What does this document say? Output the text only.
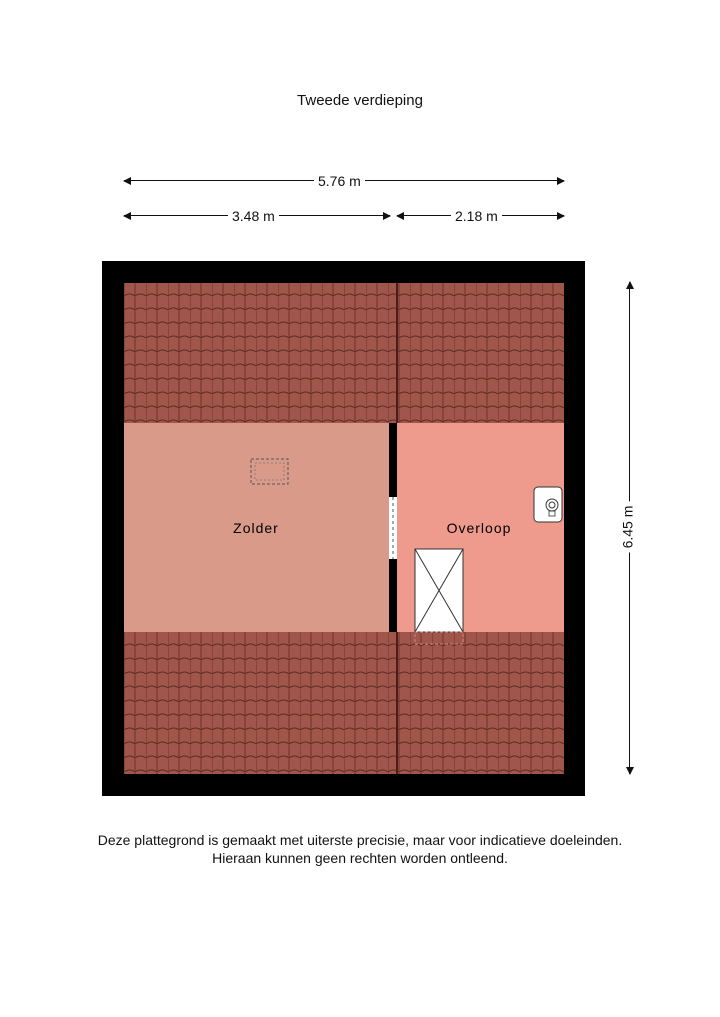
Tweede verdieping
5.76 m
3.48 m	2.18 m
6.45 m
Zolder	Overloop
Deze plattegrond is gemaakt met uiterste precisie, maar voor indicatieve doeleinden.
Hieraan kunnen geen rechten worden ontleend.
